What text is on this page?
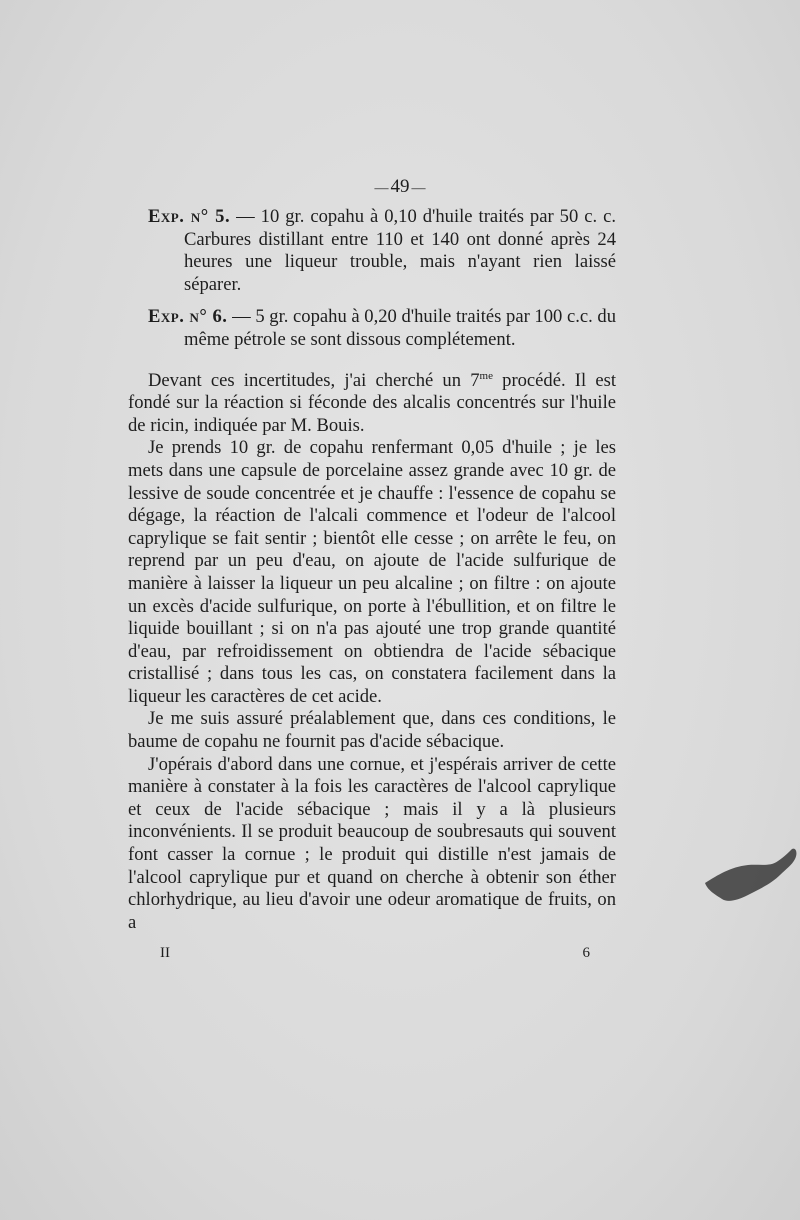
— 49 —

Exp. n° 5. — 10 gr. copahu à 0,10 d'huile traités par 50 c. c. Carbures distillant entre 110 et 140 ont donné après 24 heures une liqueur trouble, mais n'ayant rien laissé séparer.

Exp. n° 6. — 5 gr. copahu à 0,20 d'huile traités par 100 c.c. du même pétrole se sont dissous complétement.

Devant ces incertitudes, j'ai cherché un $7^{me}$ procédé. Il est fondé sur la réaction si féconde des alcalis concentrés sur l'huile de ricin, indiquée par M. Bouis.

Je prends 10 gr. de copahu renfermant 0,05 d'huile ; je les mets dans une capsule de porcelaine assez grande avec 10 gr. de lessive de soude concentrée et je chauffe : l'essence de copahu se dégage, la réaction de l'alcali commence et l'odeur de l'alcool caprylique se fait sentir ; bientôt elle cesse ; on arrête le feu, on reprend par un peu d'eau, on ajoute de l'acide sulfurique de manière à laisser la liqueur un peu alcaline ; on filtre : on ajoute un excès d'acide sulfurique, on porte à l'ébullition, et on filtre le liquide bouillant ; si on n'a pas ajouté une trop grande quantité d'eau, par refroidissement on obtiendra de l'acide sébacique cristallisé ; dans tous les cas, on constatera facilement dans la liqueur les caractères de cet acide.

Je me suis assuré préalablement que, dans ces conditions, le baume de copahu ne fournit pas d'acide sébacique.

J'opérais d'abord dans une cornue, et j'espérais arriver de cette manière à constater à la fois les caractères de l'alcool caprylique et ceux de l'acide sébacique ; mais il y a là plusieurs inconvénients. Il se produit beaucoup de soubresauts qui souvent font casser la cornue ; le produit qui distille n'est jamais de l'alcool caprylique pur et quand on cherche à obtenir son éther chlorhydrique, au lieu d'avoir une odeur aromatique de fruits, on a

II	6
